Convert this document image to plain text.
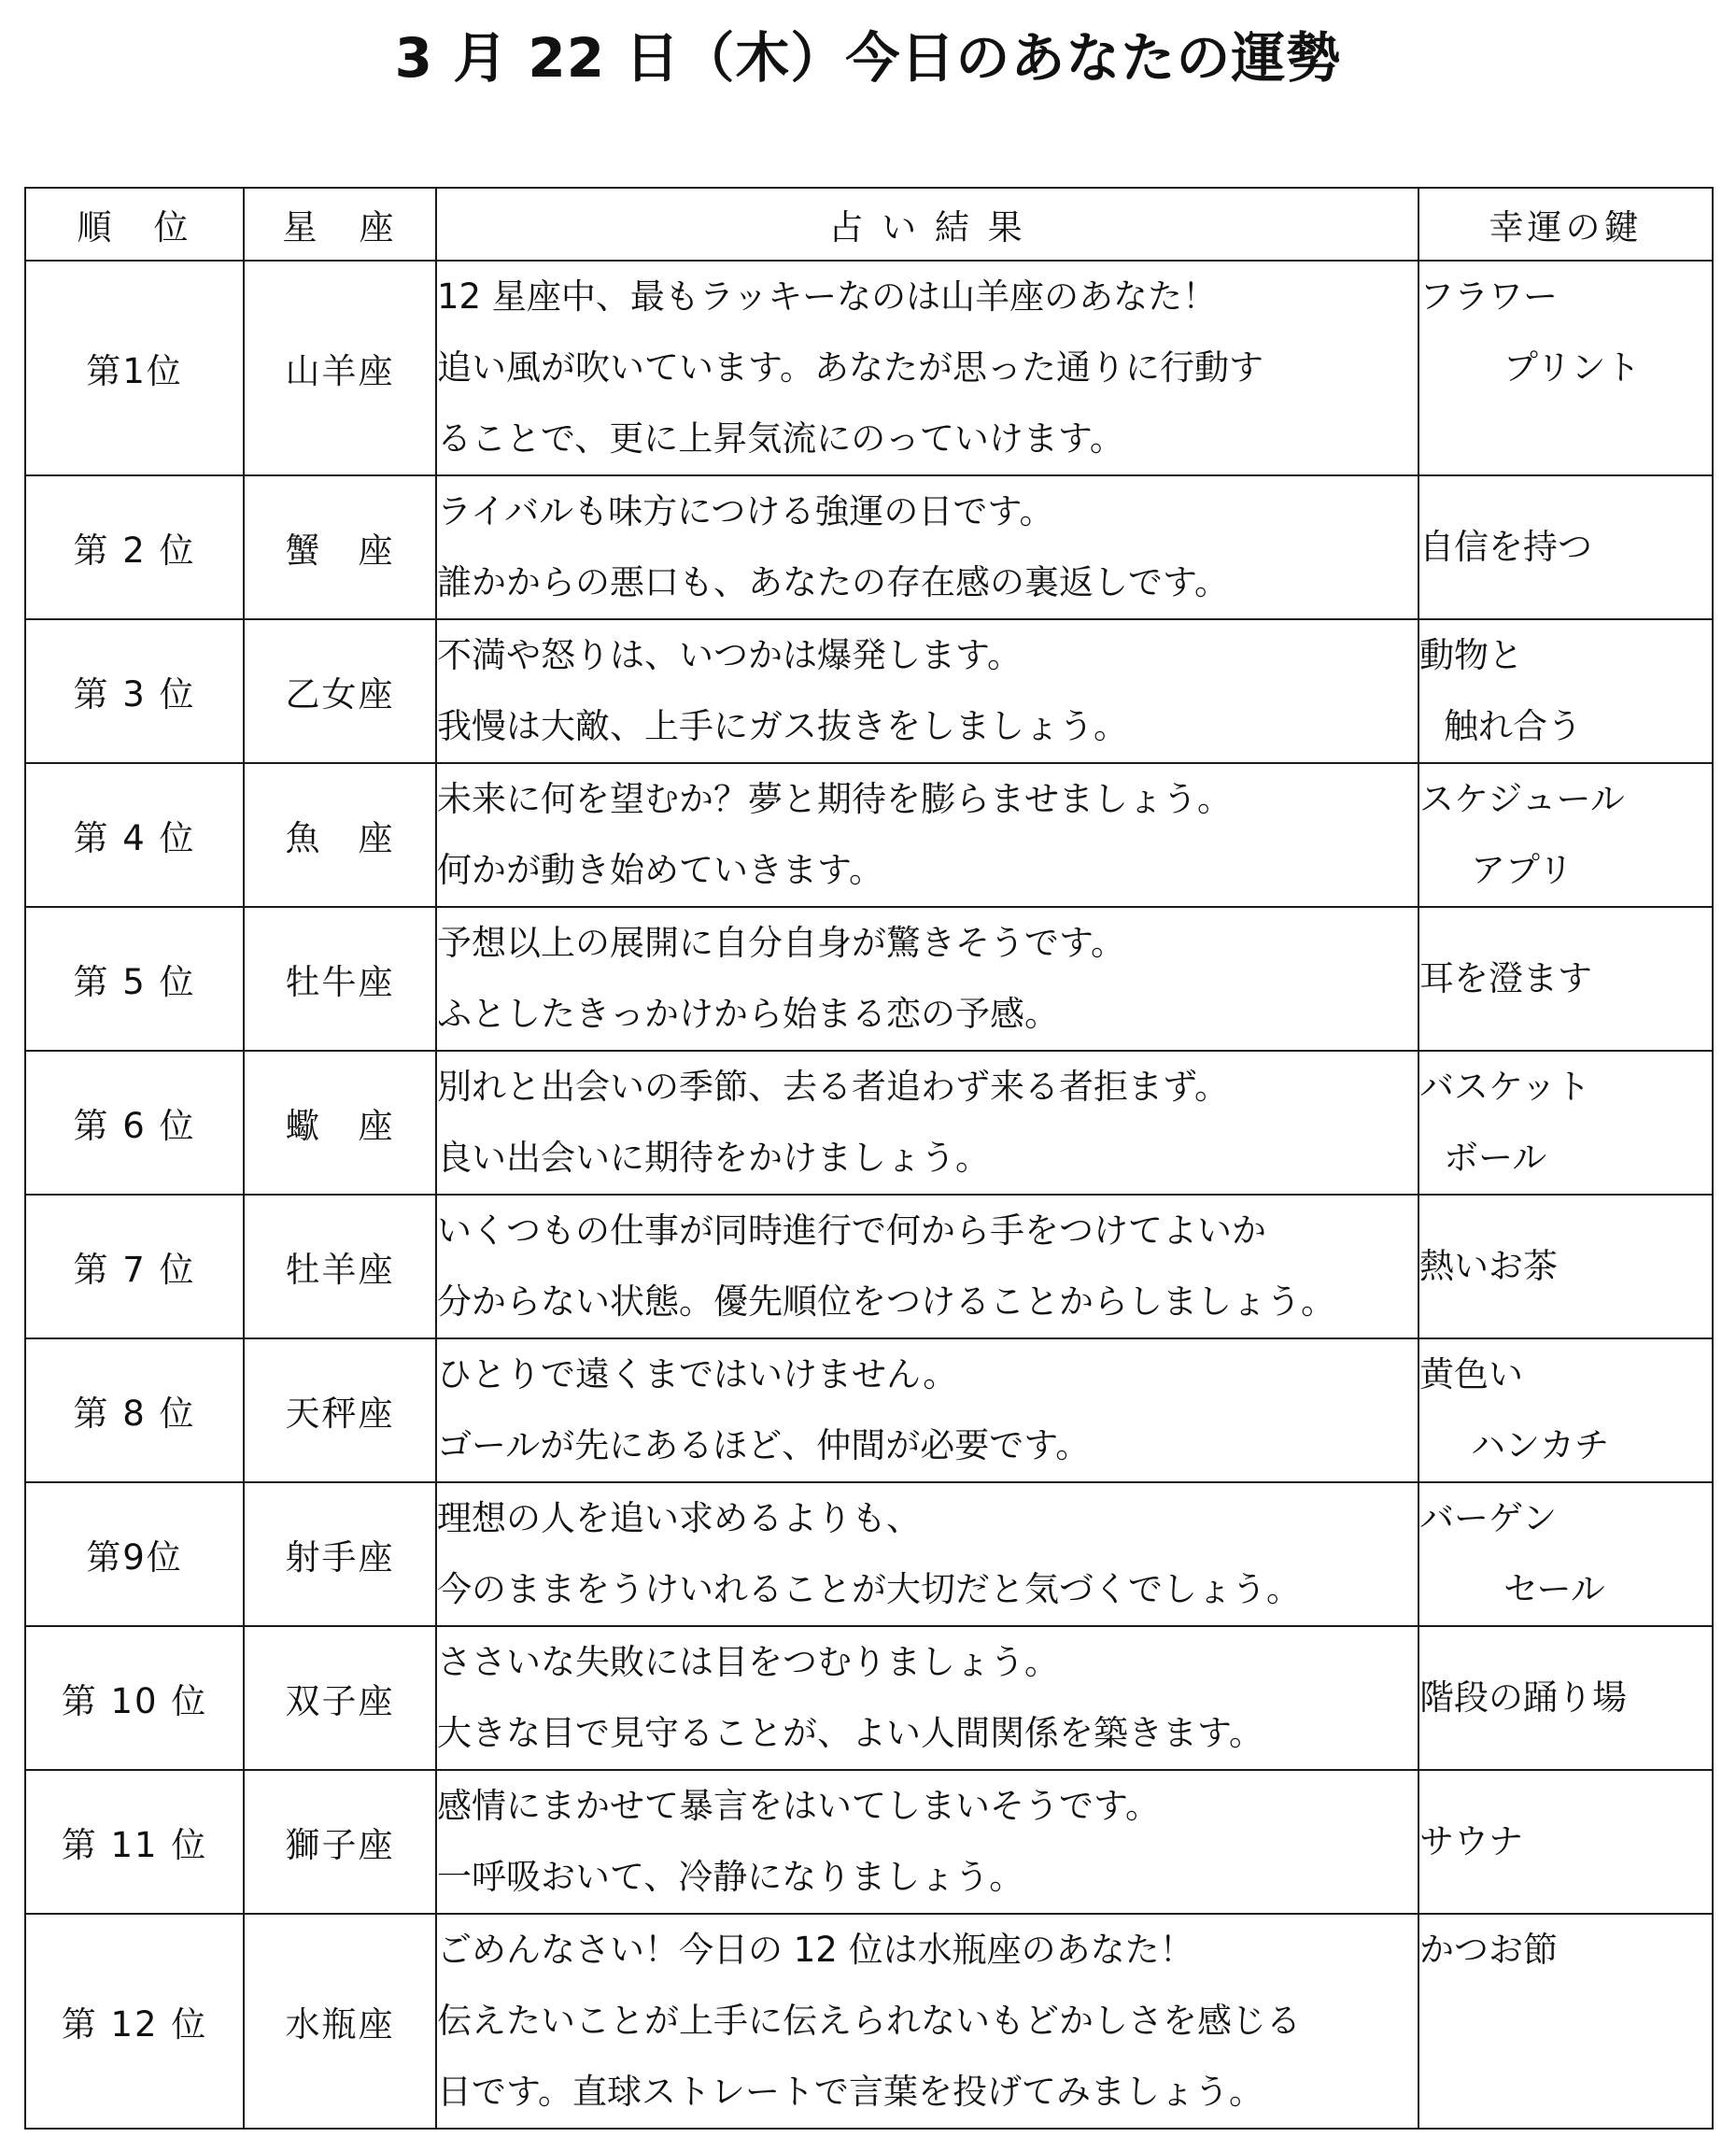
3 月 22 日（木）今日のあなたの運勢
順　位	星　座	占 い 結 果	幸運の鍵
第1位	山羊座	12 星座中、最もラッキーなのは山羊座のあなた！
追い風が吹いています。あなたが思った通りに行動す
ることで、更に上昇気流にのっていけます。	フラワー
プリント

第 2 位	蟹　座	ライバルも味方につける強運の日です。
誰かからの悪口も、あなたの存在感の裏返しです。	自信を持つ

第 3 位	乙女座	不満や怒りは、いつかは爆発します。
我慢は大敵、上手にガス抜きをしましょう。	動物と
触れ合う

第 4 位	魚　座	未来に何を望むか？夢と期待を膨らませましょう。
何かが動き始めていきます。	スケジュール
アプリ

第 5 位	牡牛座	予想以上の展開に自分自身が驚きそうです。
ふとしたきっかけから始まる恋の予感。	耳を澄ます

第 6 位	蠍　座	別れと出会いの季節、去る者追わず来る者拒まず。
良い出会いに期待をかけましょう。	バスケット
ボール

第 7 位	牡羊座	いくつもの仕事が同時進行で何から手をつけてよいか
分からない状態。優先順位をつけることからしましょう。	熱いお茶

第 8 位	天秤座	ひとりで遠くまではいけません。
ゴールが先にあるほど、仲間が必要です。	黄色い
ハンカチ

第9位	射手座	理想の人を追い求めるよりも、
今のままをうけいれることが大切だと気づくでしょう。	バーゲン
セール

第 10 位	双子座	ささいな失敗には目をつむりましょう。
大きな目で見守ることが、よい人間関係を築きます。	階段の踊り場

第 11 位	獅子座	感情にまかせて暴言をはいてしまいそうです。
一呼吸おいて、冷静になりましょう。	サウナ

第 12 位	水瓶座	ごめんなさい！今日の 12 位は水瓶座のあなた！
伝えたいことが上手に伝えられないもどかしさを感じる
日です。直球ストレートで言葉を投げてみましょう。	かつお節
